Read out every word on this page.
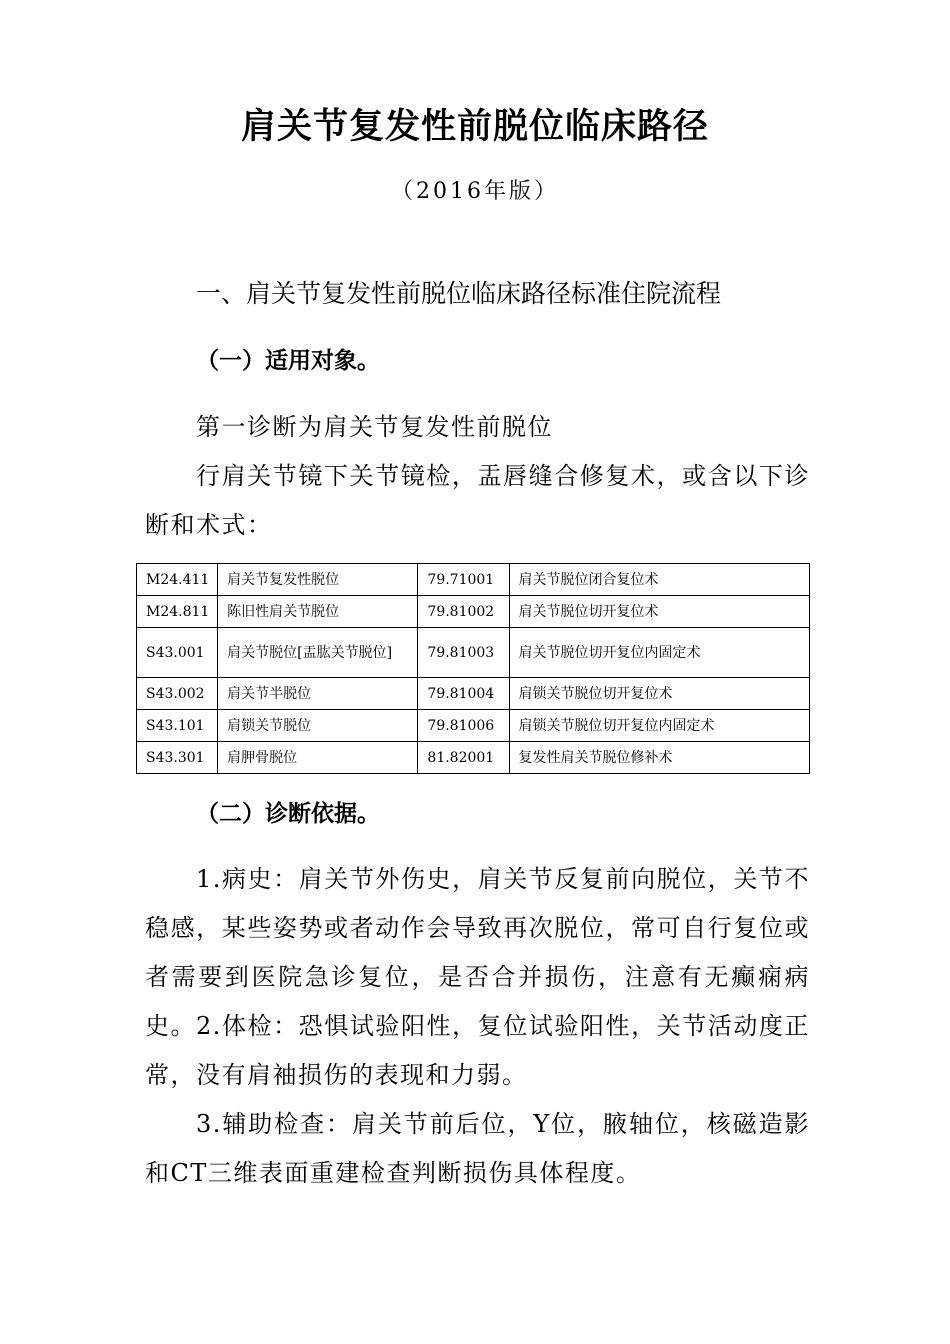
肩关节复发性前脱位临床路径
（2016年版）
一、肩关节复发性前脱位临床路径标准住院流程
（一）适用对象。
第一诊断为肩关节复发性前脱位
行肩关节镜下关节镜检，盂唇缝合修复术，或含以下诊断和术式：
M24.411	肩关节复发性脱位	79.71001	肩关节脱位闭合复位术
M24.811	陈旧性肩关节脱位	79.81002	肩关节脱位切开复位术
S43.001	肩关节脱位[盂肱关节脱位]	79.81003	肩关节脱位切开复位内固定术
S43.002	肩关节半脱位	79.81004	肩锁关节脱位切开复位术
S43.101	肩锁关节脱位	79.81006	肩锁关节脱位切开复位内固定术
S43.301	肩胛骨脱位	81.82001	复发性肩关节脱位修补术
（二）诊断依据。
1.病史：肩关节外伤史，肩关节反复前向脱位，关节不稳感，某些姿势或者动作会导致再次脱位，常可自行复位或者需要到医院急诊复位，是否合并损伤，注意有无癫痫病史。 2.体检：恐惧试验阳性，复位试验阳性，关节活动度正常，没有肩袖损伤的表现和力弱。
3.辅助检查：肩关节前后位，Y位，腋轴位，核磁造影和CT三维表面重建检查判断损伤具体程度。
